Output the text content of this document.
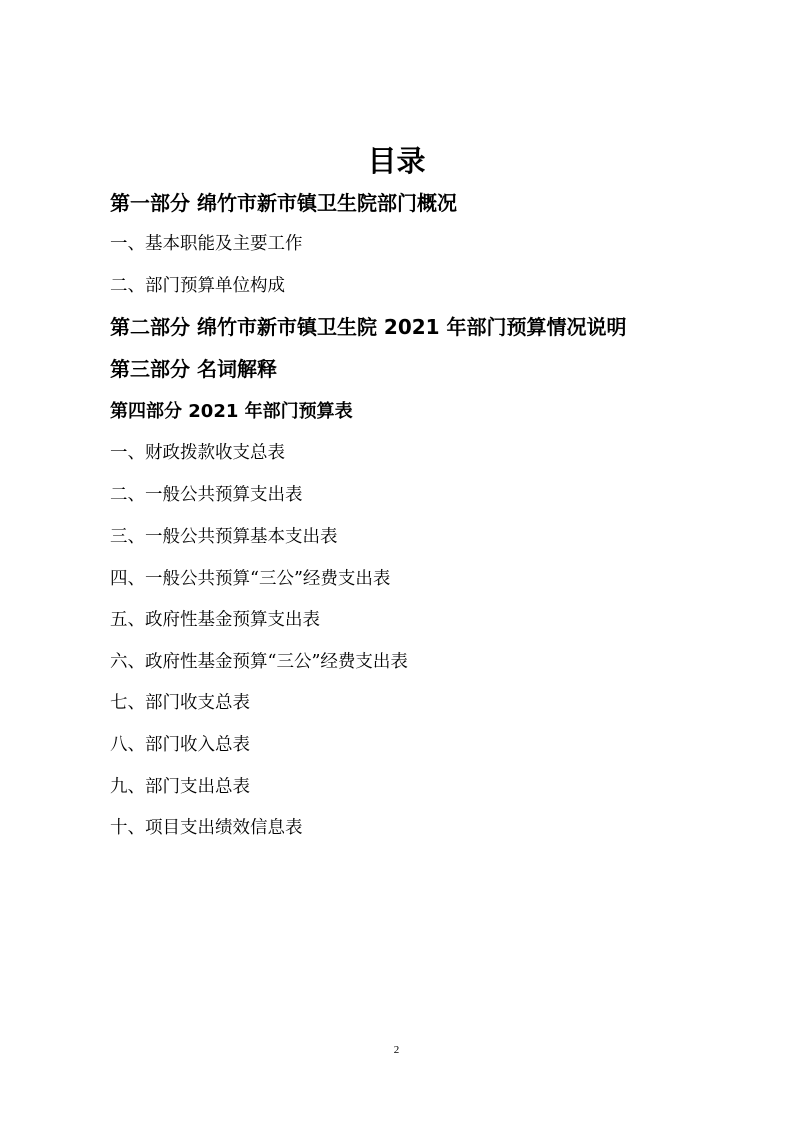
目录
第一部分 绵竹市新市镇卫生院部门概况
一、基本职能及主要工作
二、部门预算单位构成
第二部分 绵竹市新市镇卫生院 2021 年部门预算情况说明
第三部分 名词解释
第四部分 2021 年部门预算表
一、财政拨款收支总表
二、一般公共预算支出表
三、一般公共预算基本支出表
四、一般公共预算“三公”经费支出表
五、政府性基金预算支出表
六、政府性基金预算“三公”经费支出表
七、部门收支总表
八、部门收入总表
九、部门支出总表
十、项目支出绩效信息表
2
